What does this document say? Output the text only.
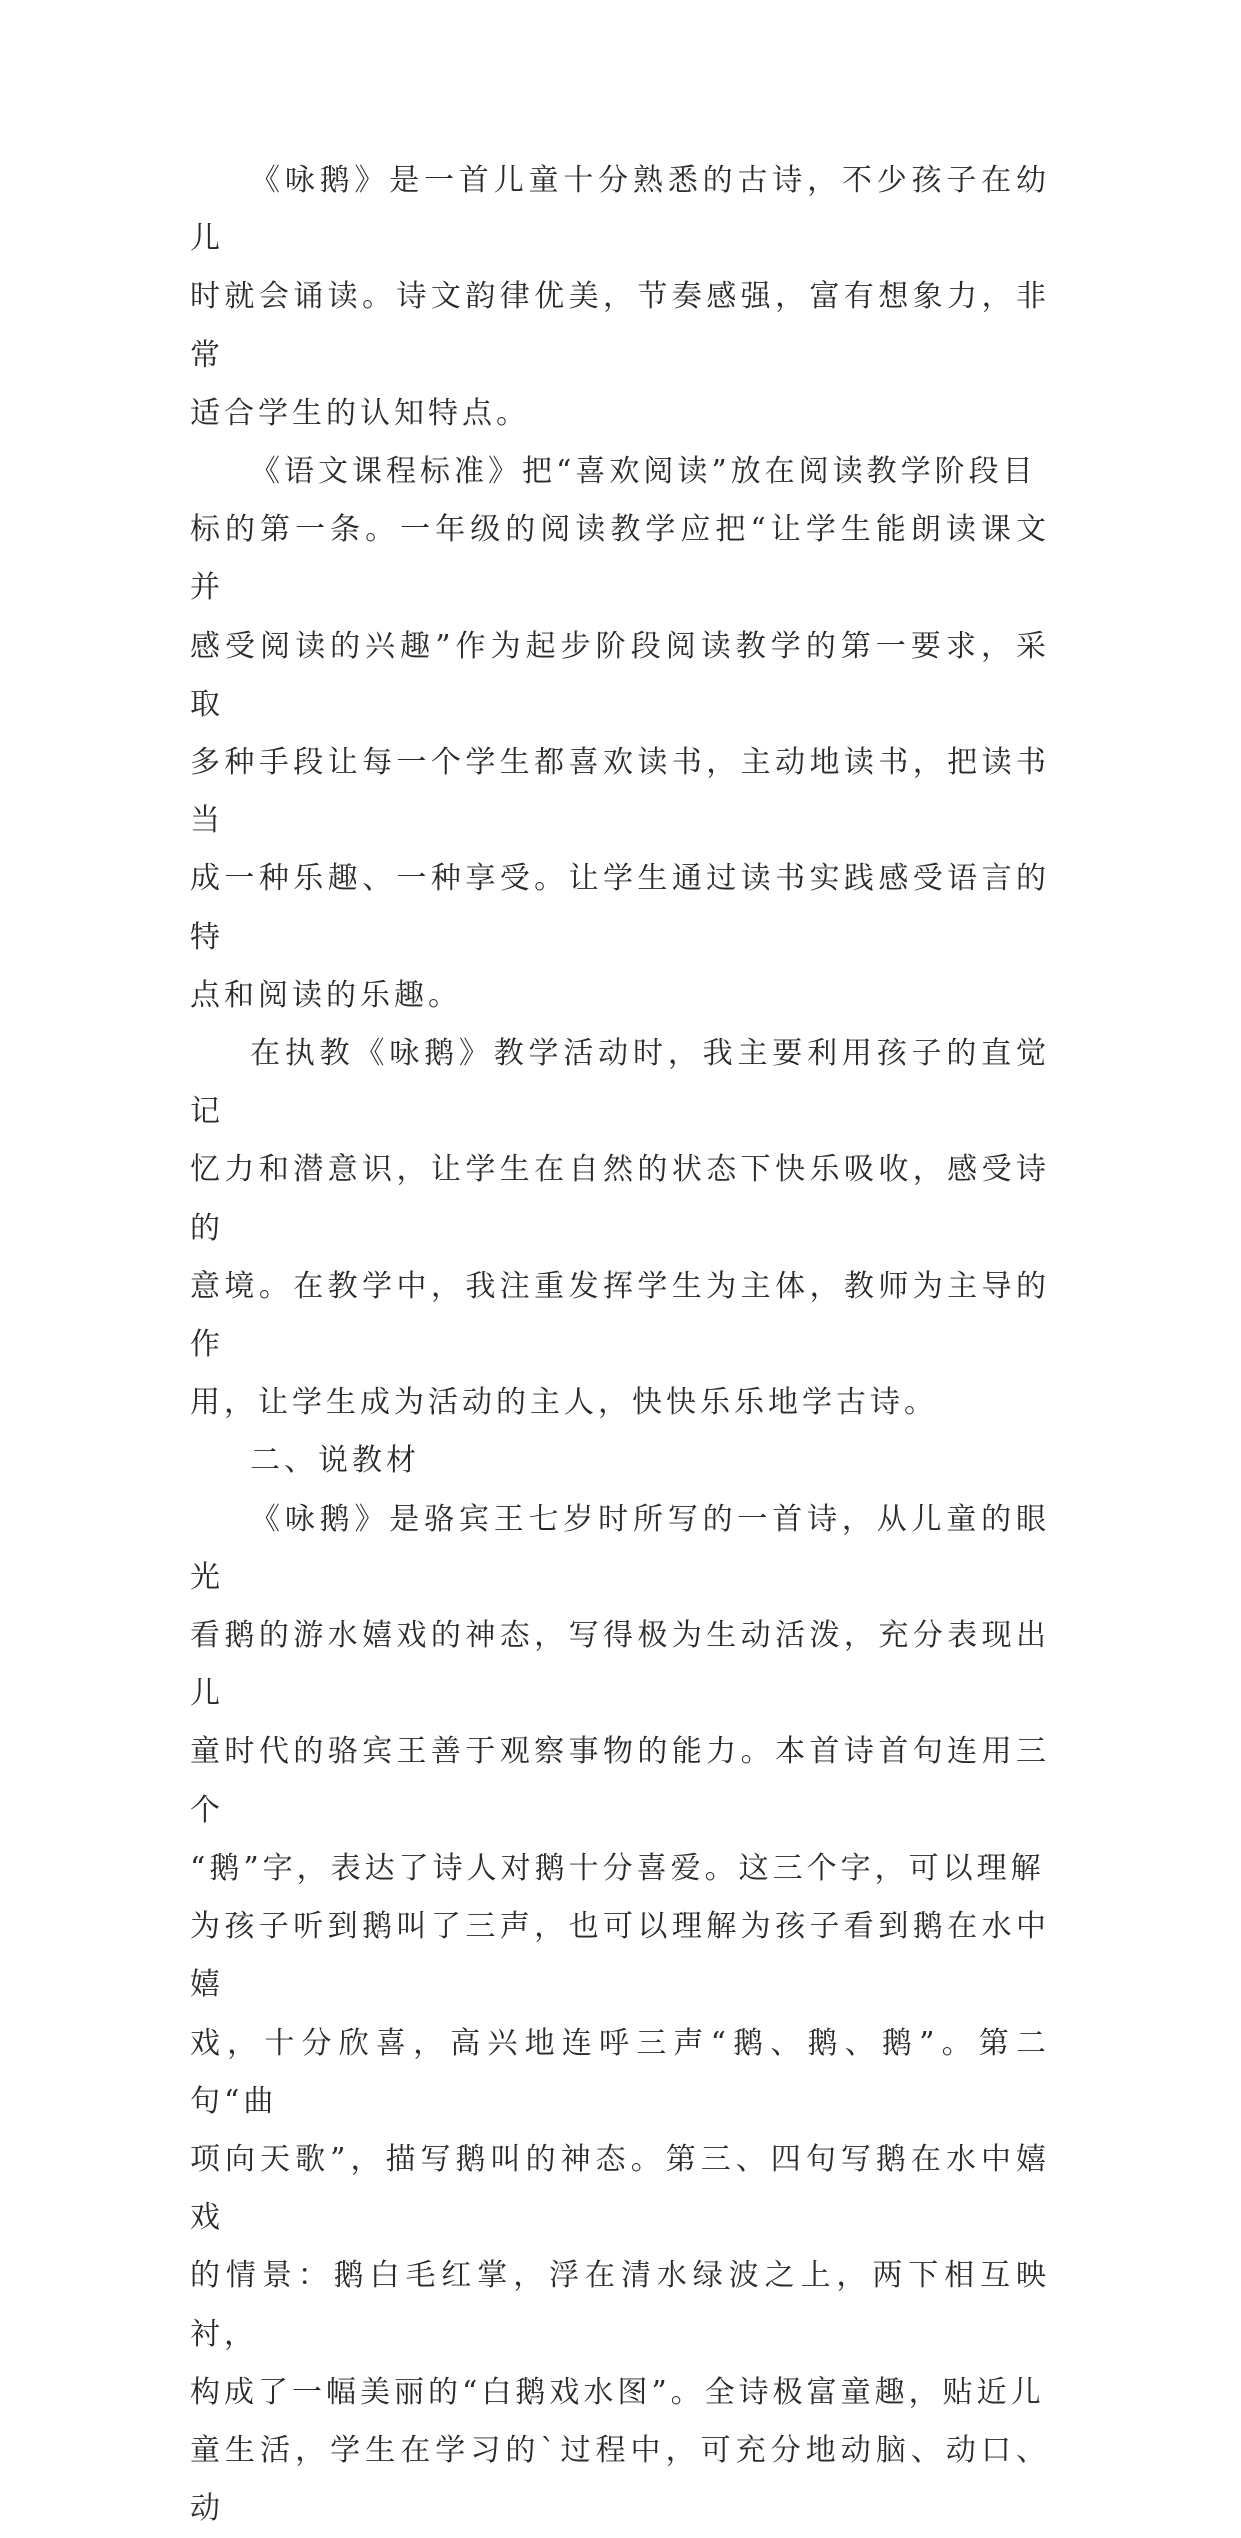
《咏鹅》是一首儿童十分熟悉的古诗，不少孩子在幼儿
时就会诵读。诗文韵律优美，节奏感强，富有想象力，非常
适合学生的认知特点。
《语文课程标准》把“喜欢阅读”放在阅读教学阶段目
标的第一条。一年级的阅读教学应把“让学生能朗读课文并
感受阅读的兴趣”作为起步阶段阅读教学的第一要求，采取
多种手段让每一个学生都喜欢读书，主动地读书，把读书当
成一种乐趣、一种享受。让学生通过读书实践感受语言的特
点和阅读的乐趣。
在执教《咏鹅》教学活动时，我主要利用孩子的直觉记
忆力和潜意识，让学生在自然的状态下快乐吸收，感受诗的
意境。在教学中，我注重发挥学生为主体，教师为主导的作
用，让学生成为活动的主人，快快乐乐地学古诗。
二、说教材
《咏鹅》是骆宾王七岁时所写的一首诗，从儿童的眼光
看鹅的游水嬉戏的神态，写得极为生动活泼，充分表现出儿
童时代的骆宾王善于观察事物的能力。本首诗首句连用三个
“鹅”字，表达了诗人对鹅十分喜爱。这三个字，可以理解
为孩子听到鹅叫了三声，也可以理解为孩子看到鹅在水中嬉
戏，十分欣喜，高兴地连呼三声“鹅、鹅、鹅”。第二句“曲
项向天歌”，描写鹅叫的神态。第三、四句写鹅在水中嬉戏
的情景：鹅白毛红掌，浮在清水绿波之上，两下相互映衬，
构成了一幅美丽的“白鹅戏水图”。全诗极富童趣，贴近儿
童生活，学生在学习的`过程中，可充分地动脑、动口、动
